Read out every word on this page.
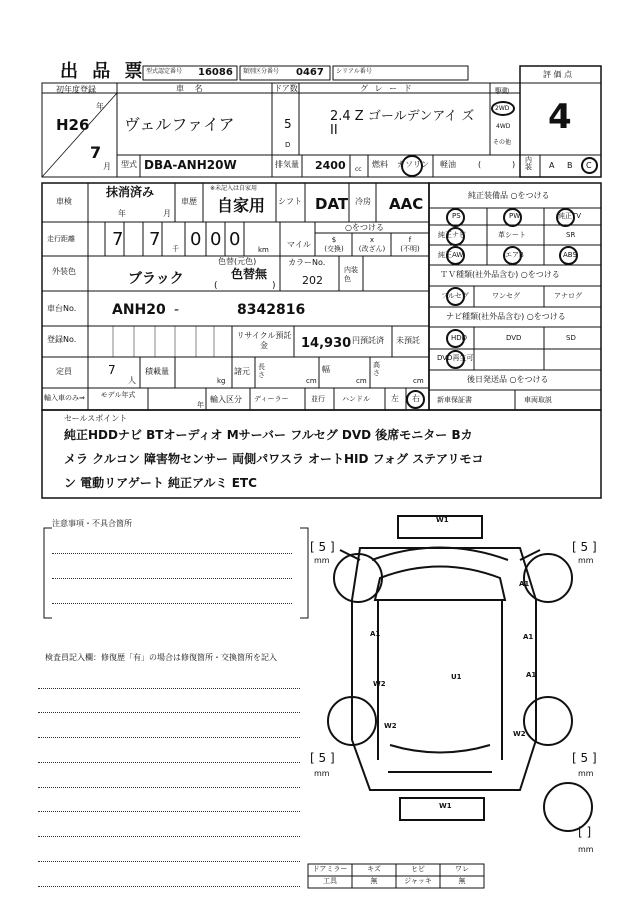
出 品 票 型式認定番号 16086 類別区分番号 0467 シリアル番号	評 価 点
4
初年度登録
年
H26
7
月
車 名
ヴェルファイア
ドア数
5
D
グ レ ー ド
2.4 Z ゴールデンアイ ズII
駆動
2WD
4WD
その他
型式 DBA-ANH20W	排気量 2400 cc
燃料 ガソリン 軽油	(	) 内装	A B C
車検
抹消済み
年	月
車歴
※未記入は自家用
自家用 シフト DAT 冷房 AAC
走行距離 7 7 千 0 0 0	km
マイル
○をつける
$
(交換)
x
(改ざん)
f
(不明)
外装色	ブラック
色替(元色)
色替無
(	)
カラーNo.
202
内装色
車台No.	ANH20 -	8342816
登録No.	リサイクル預託金	14,930 円預託済 未預託
定員	7
人
積載量
kg
諸元 長さ
cm
幅
cm
高さ
cm
輸入車のみ⇒ モデル年式
年
輸入区分 ディーラー	並行 ハンドル	左 右
純正装備品 ○をつける
PS	PW	純正TV
純正ナビ	革シート	SR
純正AW	エアB	ABS
ＴＶ種類(社外品含む) ○をつける
フルセグ	ワンセグ	アナログ
ナビ種類(社外品含む) ○をつける
HDD	DVD	SD
DVD再生可
後日発送品 ○をつける
新車保証書	車両取説
セールスポイント
純正HDDナビ BTオーディオ Mサーバー フルセグ DVD 後席モニター Bカ
メラ クルコン 障害物センサー 両側パワスラ オートHID フォグ ステアリモコ
ン 電動リアゲート 純正アルミ ETC
注意事項・不具合箇所
検査員記入欄：修復歴「有」の場合は修復箇所・交換箇所を記入
[ 5 ]
mm
[ 5 ]
mm
[ 5 ]
mm
[ 5 ]
mm
[ ]
mm
W1
A1
A1	A1
A1
W2
U1
W2
W2
W1
ドアミラー	キズ	ヒビ	ワレ
工具	無	ジャッキ	無
